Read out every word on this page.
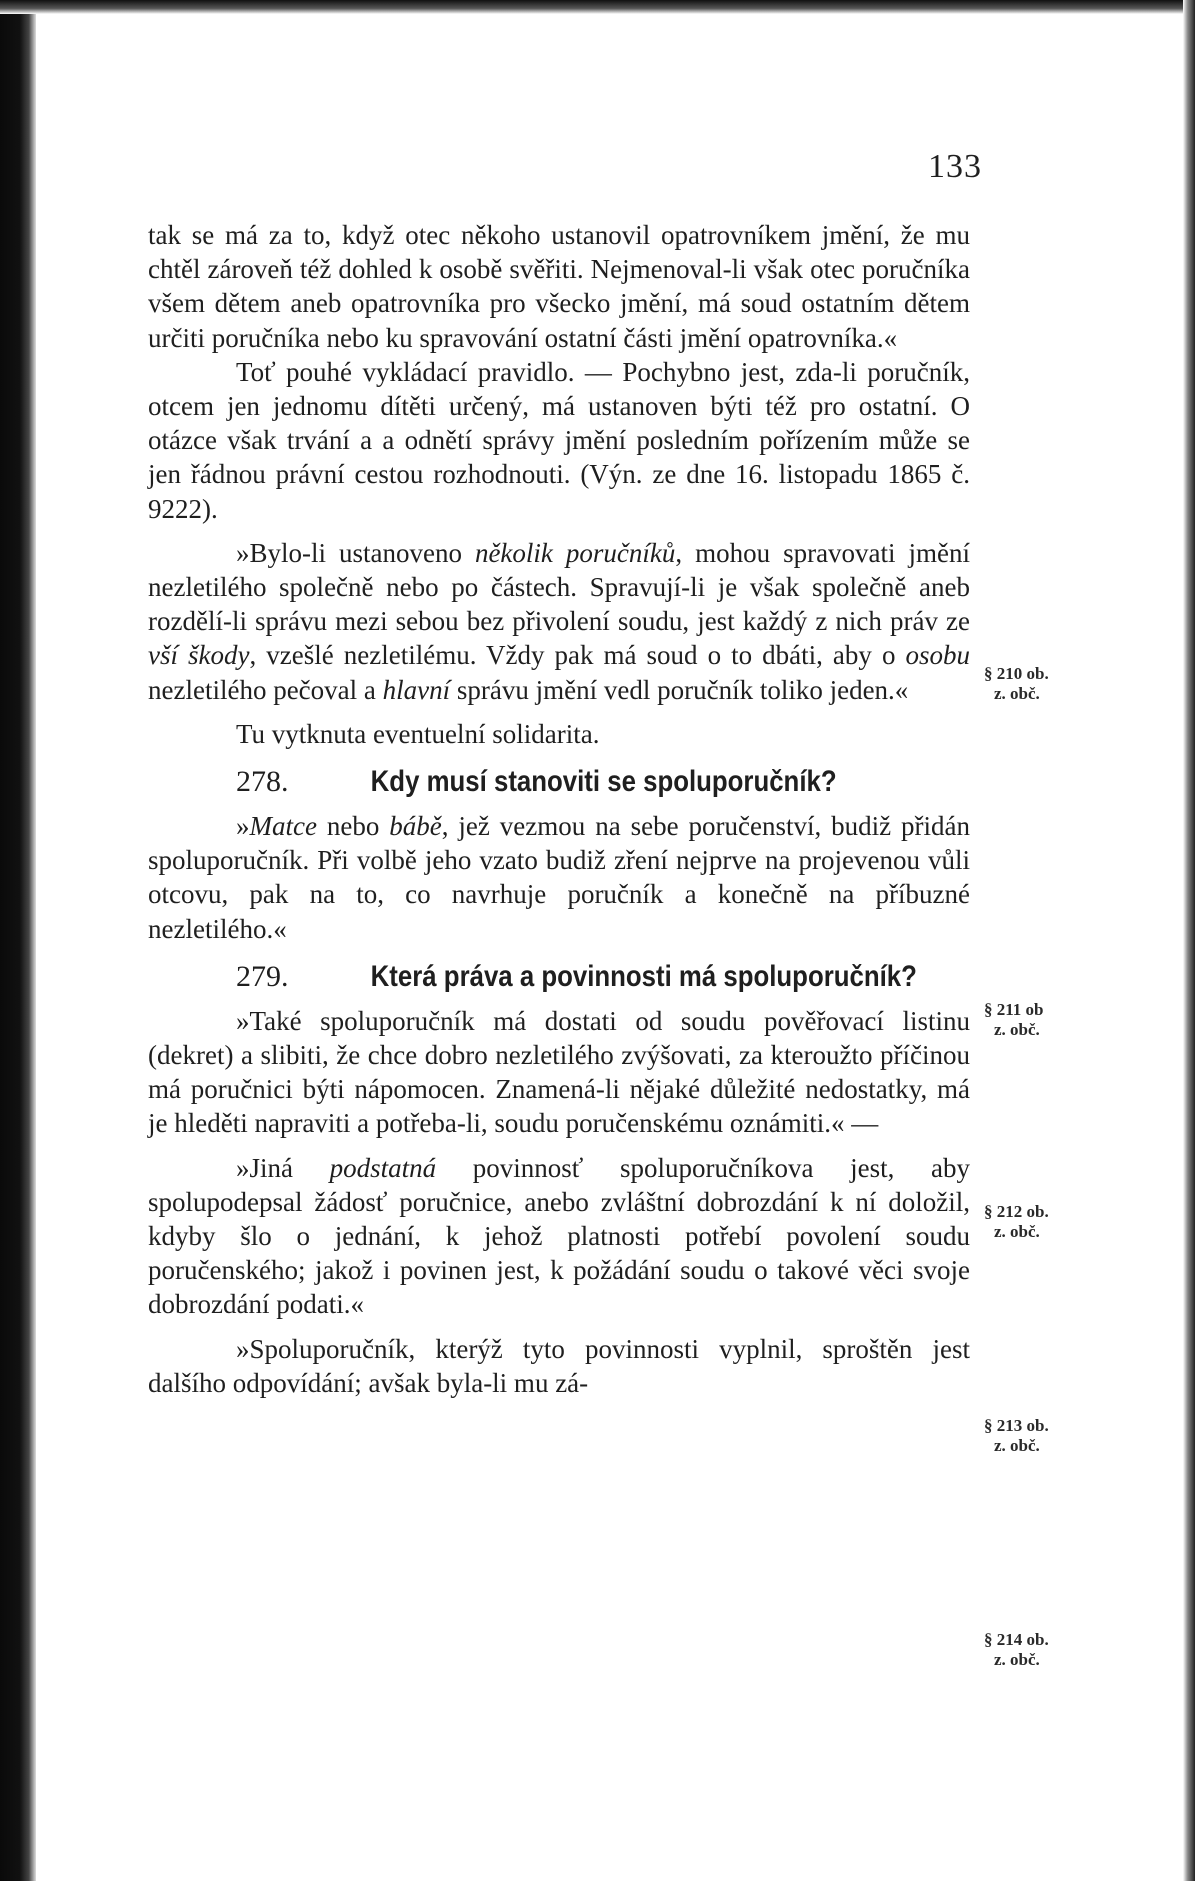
133

tak se má za to, když otec někoho ustanovil opatrovníkem jmění, že mu chtěl zároveň též dohled k osobě svěřiti. Nejmenoval-li však otec poručníka všem dětem aneb opatrovníka pro všecko jmění, má soud ostatním dětem určiti poručníka nebo ku spravování ostatní části jmění opatrovníka.«

Toť pouhé vykládací pravidlo. — Pochybno jest, zda-li poručník, otcem jen jednomu dítěti určený, má ustanoven býti též pro ostatní. O otázce však trvání a a odnětí správy jmění posledním pořízením může se jen řádnou právní cestou rozhodnouti. (Výn. ze dne 16. listopadu 1865 č. 9222).

»Bylo-li ustanoveno několik poručníků, mohou spravovati jmění nezletilého společně nebo po částech. Spravují-li je však společně aneb rozdělí-li správu mezi sebou bez přivolení soudu, jest každý z nich práv ze vší škody, vzešlé nezletilému. Vždy pak má soud o to dbáti, aby o osobu nezletilého pečoval a hlavní správu jmění vedl poručník toliko jeden.«

Tu vytknuta eventuelní solidarita.

278.	Kdy musí stanoviti se spoluporučník?

»Matce nebo bábě, jež vezmou na sebe poručenství, budiž přidán spoluporučník. Při volbě jeho vzato budiž zření nejprve na projevenou vůli otcovu, pak na to, co navrhuje poručník a konečně na příbuzné nezletilého.«

279.	Která práva a povinnosti má spoluporučník?

»Také spoluporučník má dostati od soudu pověřovací listinu (dekret) a slibiti, že chce dobro nezletilého zvýšovati, za kteroužto příčinou má poručnici býti nápomocen. Znamená-li nějaké důležité nedostatky, má je hleděti napraviti a potřeba-li, soudu poručenskému oznámiti.« —

»Jiná podstatná povinnosť spoluporučníkova jest, aby spolupodepsal žádosť poručnice, anebo zvláštní dobrozdání k ní doložil, kdyby šlo o jednání, k jehož platnosti potřebí povolení soudu poručenského; jakož i povinen jest, k požádání soudu o takové věci svoje dobrozdání podati.«

»Spoluporučník, kterýž tyto povinnosti vyplnil, sproštěn jest dalšího odpovídání; avšak byla-li mu zá-

§ 210 ob.
z. obč.
§ 211 ob
z. obč.
§ 212 ob.
z. obč.
§ 213 ob.
z. obč.
§ 214 ob.
z. obč.
